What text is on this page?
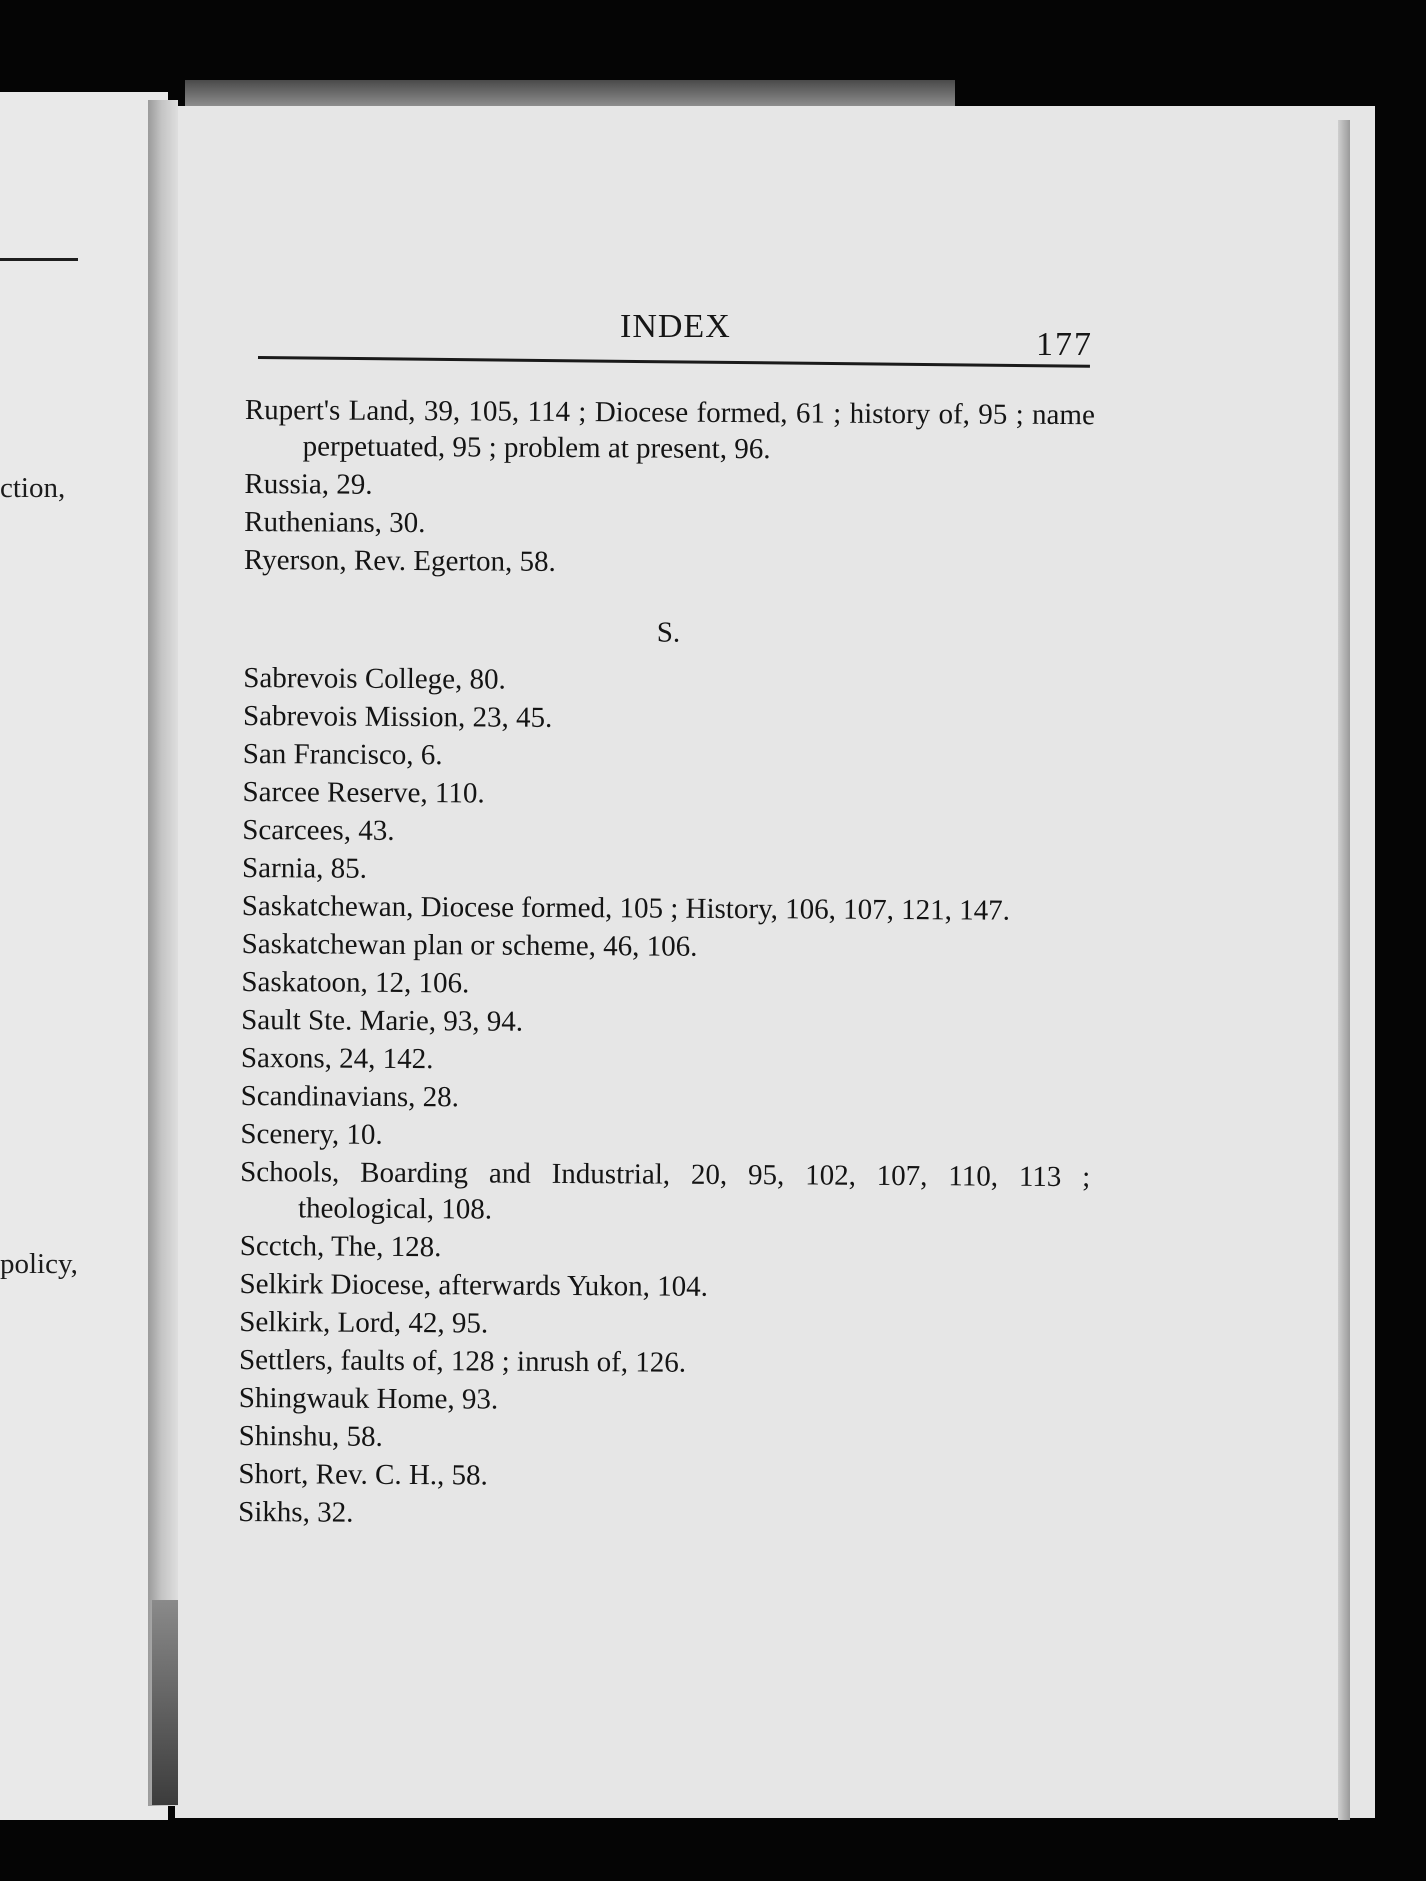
ction,
policy,
INDEX	177
Rupert's Land, 39, 105, 114 ; Diocese formed, 61 ; history of, 95 ; name perpetuated, 95 ; problem at present, 96.
Russia, 29.
Ruthenians, 30.
Ryerson, Rev. Egerton, 58.
S.
Sabrevois College, 80.
Sabrevois Mission, 23, 45.
San Francisco, 6.
Sarcee Reserve, 110.
Scarcees, 43.
Sarnia, 85.
Saskatchewan, Diocese formed, 105 ; History, 106, 107, 121, 147.
Saskatchewan plan or scheme, 46, 106.
Saskatoon, 12, 106.
Sault Ste. Marie, 93, 94.
Saxons, 24, 142.
Scandinavians, 28.
Scenery, 10.
Schools, Boarding and Industrial, 20, 95, 102, 107, 110, 113 ; theological, 108.
Scctch, The, 128.
Selkirk Diocese, afterwards Yukon, 104.
Selkirk, Lord, 42, 95.
Settlers, faults of, 128 ; inrush of, 126.
Shingwauk Home, 93.
Shinshu, 58.
Short, Rev. C. H., 58.
Sikhs, 32.
